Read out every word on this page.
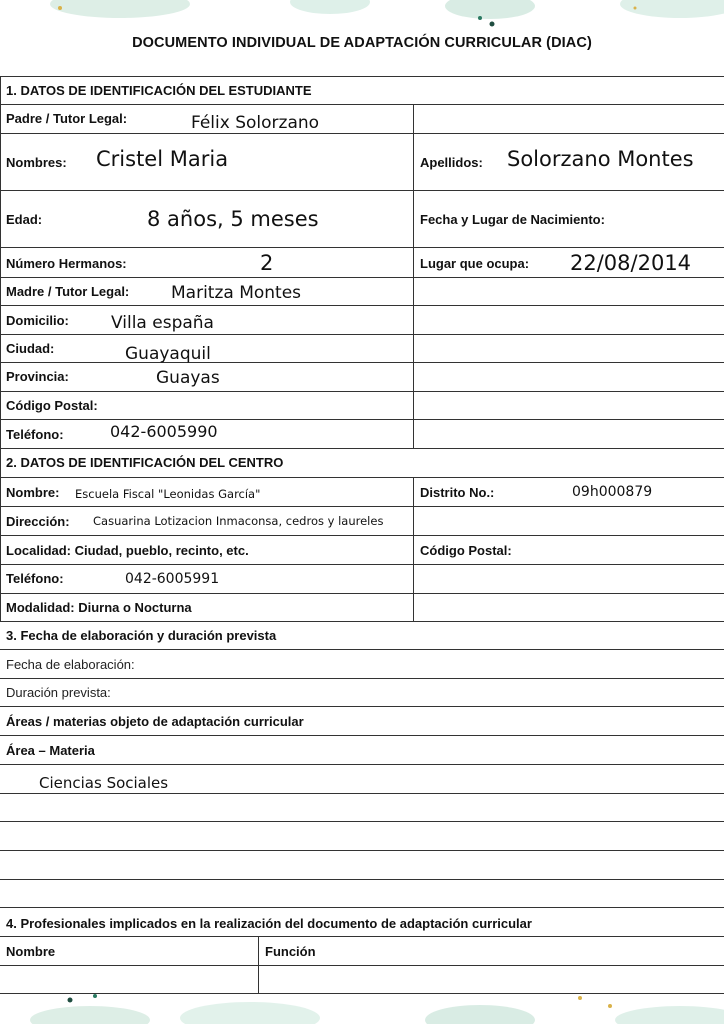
DOCUMENTO INDIVIDUAL DE ADAPTACIÓN CURRICULAR (DIAC)
1. DATOS DE IDENTIFICACIÓN DEL ESTUDIANTE
Padre / Tutor Legal:	Félix Solorzano
Nombres: Cristel Maria	Apellidos: Solorzano Montes
Edad:	8 años, 5 meses	Fecha y Lugar de Nacimiento:
Número Hermanos:	2	Lugar que ocupa: 22/08/2014
Madre / Tutor Legal: Maritza Montes
Domicilio: Villa españa
Ciudad:	Guayaquil
Provincia:	Guayas
Código Postal:
Teléfono:	042-6005990
2. DATOS DE IDENTIFICACIÓN DEL CENTRO
Nombre: Escuela Fiscal "Leonidas García"	Distrito No.:	09h000879
Dirección: Casuarina Lotizacion Inmaconsa, cedros y laureles
Localidad: Ciudad, pueblo, recinto, etc.	Código Postal:
Teléfono:	042-6005991
Modalidad: Diurna o Nocturna
3. Fecha de elaboración y duración prevista
Fecha de elaboración:
Duración prevista:
Áreas / materias objeto de adaptación curricular
Área – Materia
Ciencias Sociales
4. Profesionales implicados en la realización del documento de adaptación curricular
Nombre	Función
